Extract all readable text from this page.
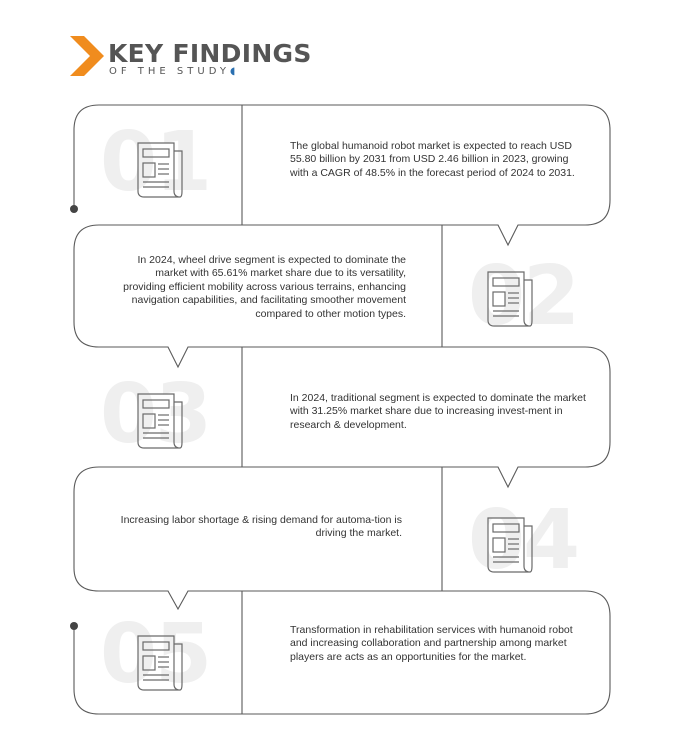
KEY FINDINGS
OF THE STUDY◖
01	The global humanoid robot market is expected to reach USD 55.80 billion by 2031 from USD 2.46 billion in 2023, growing with a CAGR of 48.5% in the forecast period of 2024 to 2031.
02
In 2024, wheel drive segment is expected to dominate the market with 65.61% market share due to its versatility, providing efficient mobility across various terrains, enhancing navigation capabilities, and facilitating smoother movement compared to other motion types.
03	In 2024, traditional segment is expected to dominate the market with 31.25% market share due to increasing invest-ment in research & development.
04
Increasing labor shortage & rising demand for automa-tion is driving the market.
05	Transformation in rehabilitation services with humanoid robot and increasing collaboration and partnership among market players are acts as an opportunities for the market.
